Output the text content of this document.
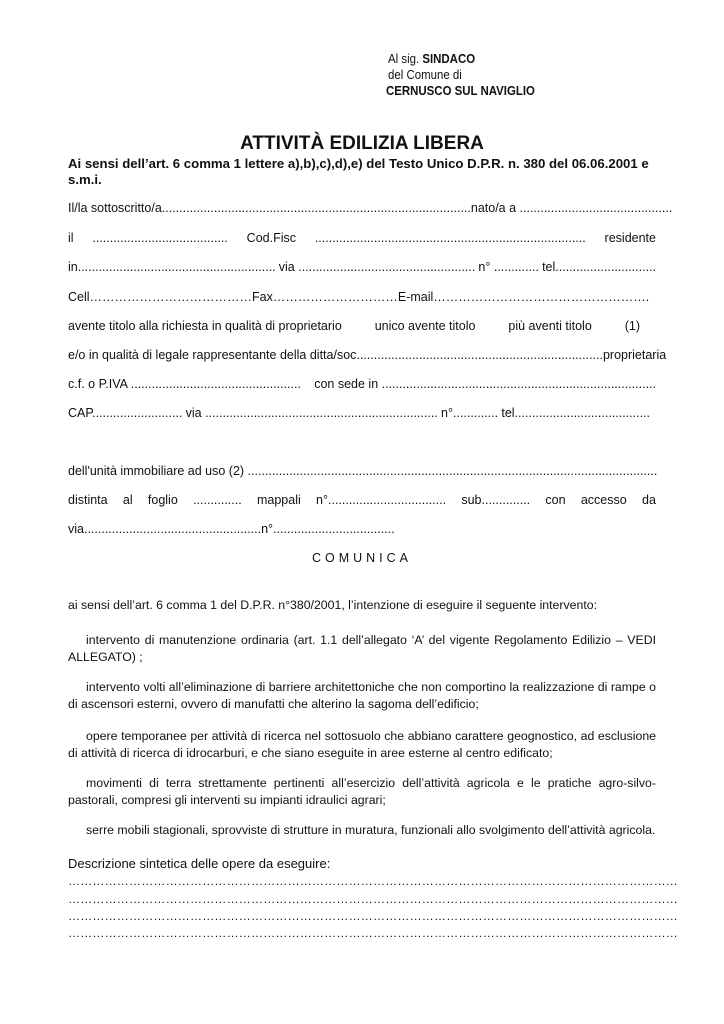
Al sig. SINDACO
del Comune di
CERNUSCO SUL NAVIGLIO
ATTIVITÀ EDILIZIA LIBERA
Ai sensi dell’art. 6 comma 1 lettere a),b),c),d),e) del Testo Unico D.P.R. n. 380 del 06.06.2001 e s.m.i.
Il/la sottoscritto/a......................................................................................... nato/a a ............................................
il ....................................... Cod.Fisc .............................................................................. residente
in......................................................... via ................................................... n° ............. tel.............................
Cell………………………………… Fax………………………… E-mail…………………………………………….
avente titolo alla richiesta in qualità di proprietario	unico avente titolo	più aventi titolo	(1)
e/o in qualità di legale rappresentante della ditta/soc....................................................................... proprietaria
c.f. o P.IVA ................................................. con sede in ...............................................................................
CAP.......................... via ................................................................... n°............. tel.......................................
dell'unità immobiliare ad uso (2) ......................................................................................................................
distinta al foglio .............. mappali n°.................................. sub.............. con accesso da
via...................................................n°...................................
COMUNICA
ai sensi dell’art. 6 comma 1 del D.P.R. n°380/2001, l’intenzione di eseguire il seguente intervento:
intervento di manutenzione ordinaria (art. 1.1 dell’allegato ‘A’ del vigente Regolamento Edilizio – VEDI ALLEGATO) ;
intervento volti all’eliminazione di barriere architettoniche che non comportino la realizzazione di rampe o di ascensori esterni, ovvero di manufatti che alterino la sagoma dell’edificio;
opere temporanee per attività di ricerca nel sottosuolo che abbiano carattere geognostico, ad esclusione di attività di ricerca di idrocarburi, e che siano eseguite in aree esterne al centro edificato;
movimenti di terra strettamente pertinenti all’esercizio dell’attività agricola e le pratiche agro-silvo-pastorali, compresi gli interventi su impianti idraulici agrari;
serre mobili stagionali, sprovviste di strutture in muratura, funzionali allo svolgimento dell’attività agricola.
Descrizione sintetica delle opere da eseguire:
……………………………………………………………………………………………………………………………………
……………………………………………………………………………………………………………………………………
……………………………………………………………………………………………………………………………………
……………………………………………………………………………………………………………………………………
